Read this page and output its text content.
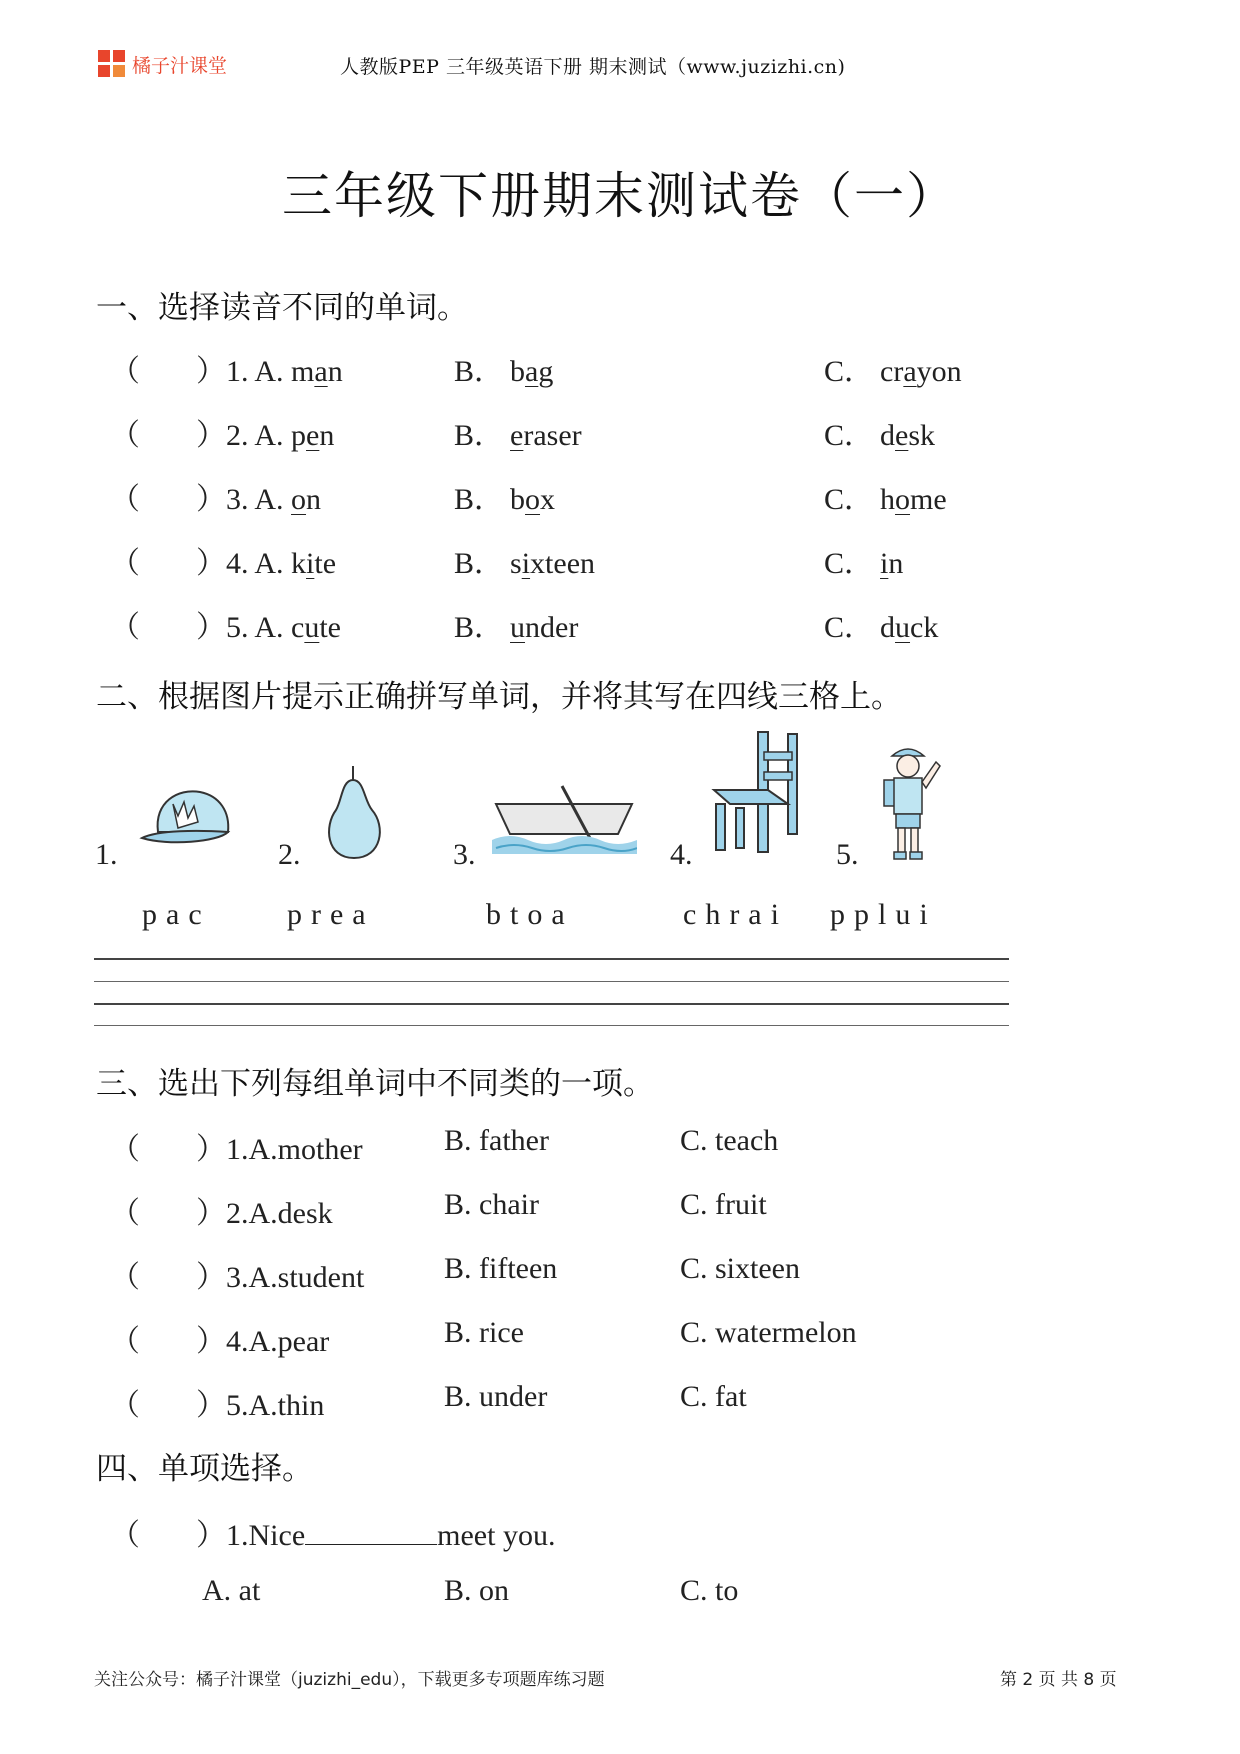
橘子汁课堂	人教版PEP 三年级英语下册 期末测试（www.juzizhi.cn)
三年级下册期末测试卷（一）
一、选择读音不同的单词。
（ ）1. A. man	B． bag	C． crayon
（ ）2. A. pen	B． eraser	C． desk
（ ）3. A. on	B． box	C． home
（ ）4. A. kite	B． sixteen	C． in
（ ）5. A. cute	B． under	C． duck
二、根据图片提示正确拼写单词，并将其写在四线三格上。
1.	2.	3.	4.	5.
pac	prea	btoa	chrai pplui
三、选出下列每组单词中不同类的一项。
（ ）1.A.mother	B. father	C. teach
（ ）2.A.desk	B. chair	C. fruit
（ ）3.A.student	B. fifteen	C. sixteen
（ ）4.A.pear	B. rice	C. watermelon
（ ）5.A.thin	B. under	C. fat
四、单项选择。
（ ）1.Nice	meet you.
A. at	B. on	C. to
关注公众号：橘子汁课堂（juzizhi_edu），下载更多专项题库练习题	第 2 页 共 8 页
